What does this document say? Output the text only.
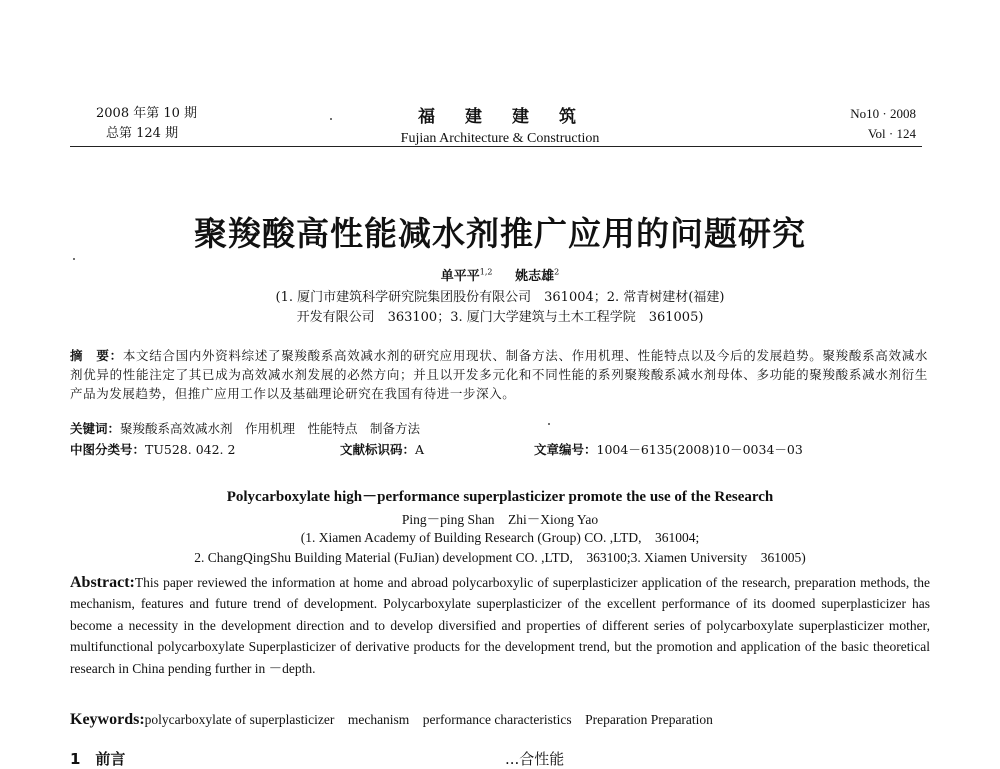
2008 年第 10 期
总第 124 期
福建建筑
Fujian Architecture & Construction
No10 · 2008
Vol · 124
聚羧酸高性能减水剂推广应用的问题研究
单平平$^{1,2}$ 姚志雄$^2$
(1. 厦门市建筑科学研究院集团股份有限公司　361004；2. 常青树建材(福建)
开发有限公司　363100；3. 厦门大学建筑与土木工程学院　361005)
摘　要：本文结合国内外资料综述了聚羧酸系高效减水剂的研究应用现状、制备方法、作用机理、性能特点以及今后的发展趋势。聚羧酸系高效减水剂优异的性能注定了其已成为高效减水剂发展的必然方向；并且以开发多元化和不同性能的系列聚羧酸系减水剂母体、多功能的聚羧酸系减水剂衍生产品为发展趋势，但推广应用工作以及基础理论研究在我国有待进一步深入。
关键词：聚羧酸系高效减水剂　作用机理　性能特点　制备方法
中图分类号：TU528. 042. 2	文献标识码：A	文章编号：1004－6135(2008)10－0034－03
Polycarboxylate high－performance superplasticizer promote the use of the Research
Ping－ping Shan　Zhi－Xiong Yao
(1. Xiamen Academy of Building Research (Group) CO. ,LTD,　361004;
2. ChangQingShu Building Material (FuJian) development CO. ,LTD,　363100;3. Xiamen University　361005)
Abstract:This paper reviewed the information at home and abroad polycarboxylic of superplasticizer application of the research, preparation methods, the mechanism, features and future trend of development. Polycarboxylate superplasticizer of the excellent performance of its doomed superplasticizer has become a necessity in the development direction and to develop diversified and properties of different series of polycarboxylate superplasticizer mother, multifunctional polycarboxylate Superplasticizer of derivative products for the development trend, but the promotion and application of the basic theoretical research in China pending further in －depth.
Keywords:polycarboxylate of superplasticizer　mechanism　performance characteristics　Preparation Preparation
1　前言	...合性能
